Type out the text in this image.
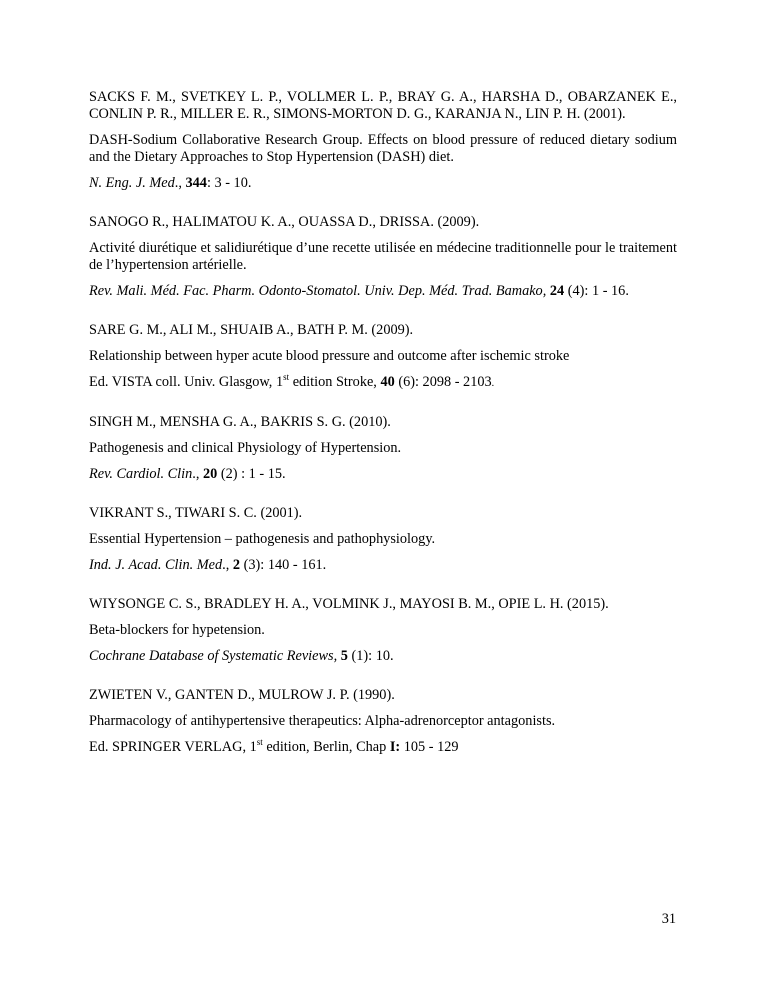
SACKS F. M., SVETKEY L. P., VOLLMER L. P., BRAY G. A., HARSHA D., OBARZANEK E., CONLIN P. R., MILLER E. R., SIMONS-MORTON D. G., KARANJA N., LIN P. H. (2001).

DASH-Sodium Collaborative Research Group. Effects on blood pressure of reduced dietary sodium and the Dietary Approaches to Stop Hypertension (DASH) diet.

N. Eng. J. Med., 344: 3 - 10.

SANOGO R., HALIMATOU K. A., OUASSA D., DRISSA. (2009).

Activité diurétique et salidiurétique d’une recette utilisée en médecine traditionnelle pour le traitement de l’hypertension artérielle.

Rev. Mali. Méd. Fac. Pharm. Odonto-Stomatol. Univ. Dep. Méd. Trad. Bamako, 24 (4): 1 - 16.

SARE G. M., ALI M., SHUAIB A., BATH P. M. (2009).

Relationship between hyper acute blood pressure and outcome after ischemic stroke

Ed. VISTA coll. Univ. Glasgow, 1st edition Stroke, 40 (6): 2098 - 2103.

SINGH M., MENSHA G. A., BAKRIS S. G. (2010).

Pathogenesis and clinical Physiology of Hypertension.

Rev. Cardiol. Clin., 20 (2) : 1 - 15.

VIKRANT S., TIWARI S. C. (2001).

Essential Hypertension – pathogenesis and pathophysiology.

Ind. J. Acad. Clin. Med., 2 (3): 140 - 161.

WIYSONGE C. S., BRADLEY H. A., VOLMINK J., MAYOSI B. M., OPIE L. H. (2015).

Beta-blockers for hypetension.

Cochrane Database of Systematic Reviews, 5 (1): 10.

ZWIETEN V., GANTEN D., MULROW J. P. (1990).

Pharmacology of antihypertensive therapeutics: Alpha-adrenorceptor antagonists.

Ed. SPRINGER VERLAG, 1st edition, Berlin, Chap I: 105 - 129

31
